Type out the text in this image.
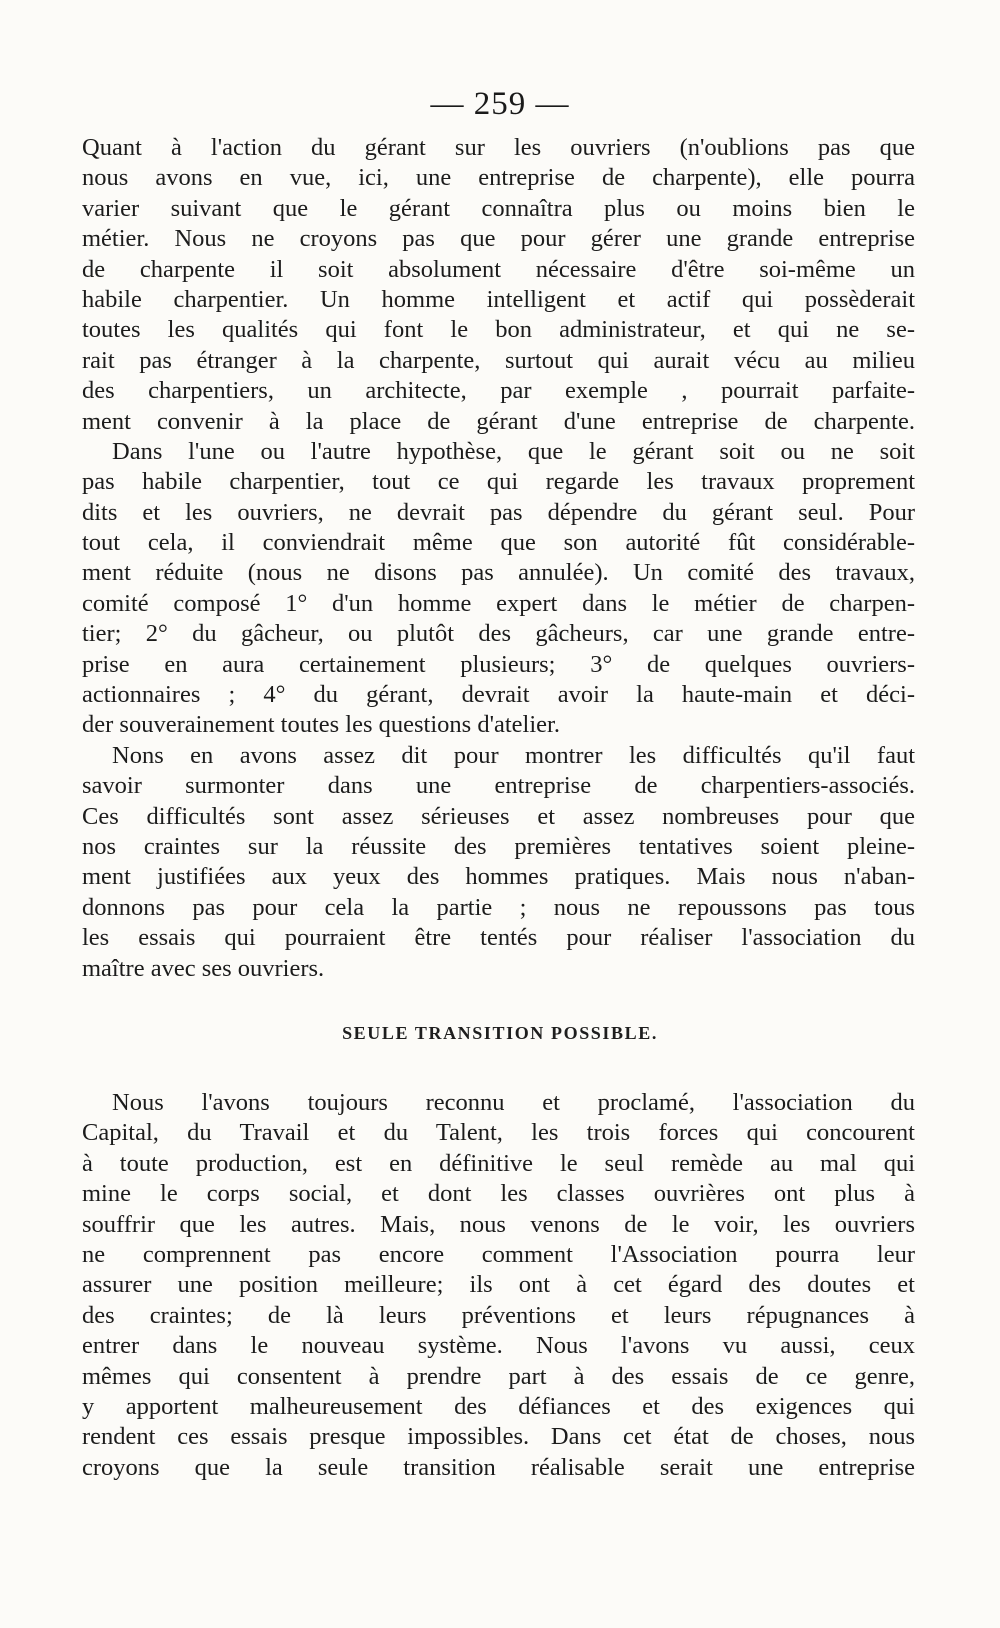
— 259 —
Quant à l'action du gérant sur les ouvriers (n'oublions pas que
nous avons en vue, ici, une entreprise de charpente), elle pourra
varier suivant que le gérant connaîtra plus ou moins bien le
métier. Nous ne croyons pas que pour gérer une grande entreprise
de charpente il soit absolument nécessaire d'être soi-même un
habile charpentier. Un homme intelligent et actif qui possèderait
toutes les qualités qui font le bon administrateur, et qui ne se-
rait pas étranger à la charpente, surtout qui aurait vécu au milieu
des charpentiers, un architecte, par exemple , pourrait parfaite-
ment convenir à la place de gérant d'une entreprise de charpente.
Dans l'une ou l'autre hypothèse, que le gérant soit ou ne soit
pas habile charpentier, tout ce qui regarde les travaux proprement
dits et les ouvriers, ne devrait pas dépendre du gérant seul. Pour
tout cela, il conviendrait même que son autorité fût considérable-
ment réduite (nous ne disons pas annulée). Un comité des travaux,
comité composé 1° d'un homme expert dans le métier de charpen-
tier; 2° du gâcheur, ou plutôt des gâcheurs, car une grande entre-
prise en aura certainement plusieurs; 3° de quelques ouvriers-
actionnaires ; 4° du gérant, devrait avoir la haute-main et déci-
der souverainement toutes les questions d'atelier.
Nons en avons assez dit pour montrer les difficultés qu'il faut
savoir surmonter dans une entreprise de charpentiers-associés.
Ces difficultés sont assez sérieuses et assez nombreuses pour que
nos craintes sur la réussite des premières tentatives soient pleine-
ment justifiées aux yeux des hommes pratiques. Mais nous n'aban-
donnons pas pour cela la partie ; nous ne repoussons pas tous
les essais qui pourraient être tentés pour réaliser l'association du
maître avec ses ouvriers.
SEULE TRANSITION POSSIBLE.
Nous l'avons toujours reconnu et proclamé, l'association du
Capital, du Travail et du Talent, les trois forces qui concourent
à toute production, est en définitive le seul remède au mal qui
mine le corps social, et dont les classes ouvrières ont plus à
souffrir que les autres. Mais, nous venons de le voir, les ouvriers
ne comprennent pas encore comment l'Association pourra leur
assurer une position meilleure; ils ont à cet égard des doutes et
des craintes; de là leurs préventions et leurs répugnances à
entrer dans le nouveau système. Nous l'avons vu aussi, ceux
mêmes qui consentent à prendre part à des essais de ce genre,
y apportent malheureusement des défiances et des exigences qui
rendent ces essais presque impossibles. Dans cet état de choses, nous
croyons que la seule transition réalisable serait une entreprise
